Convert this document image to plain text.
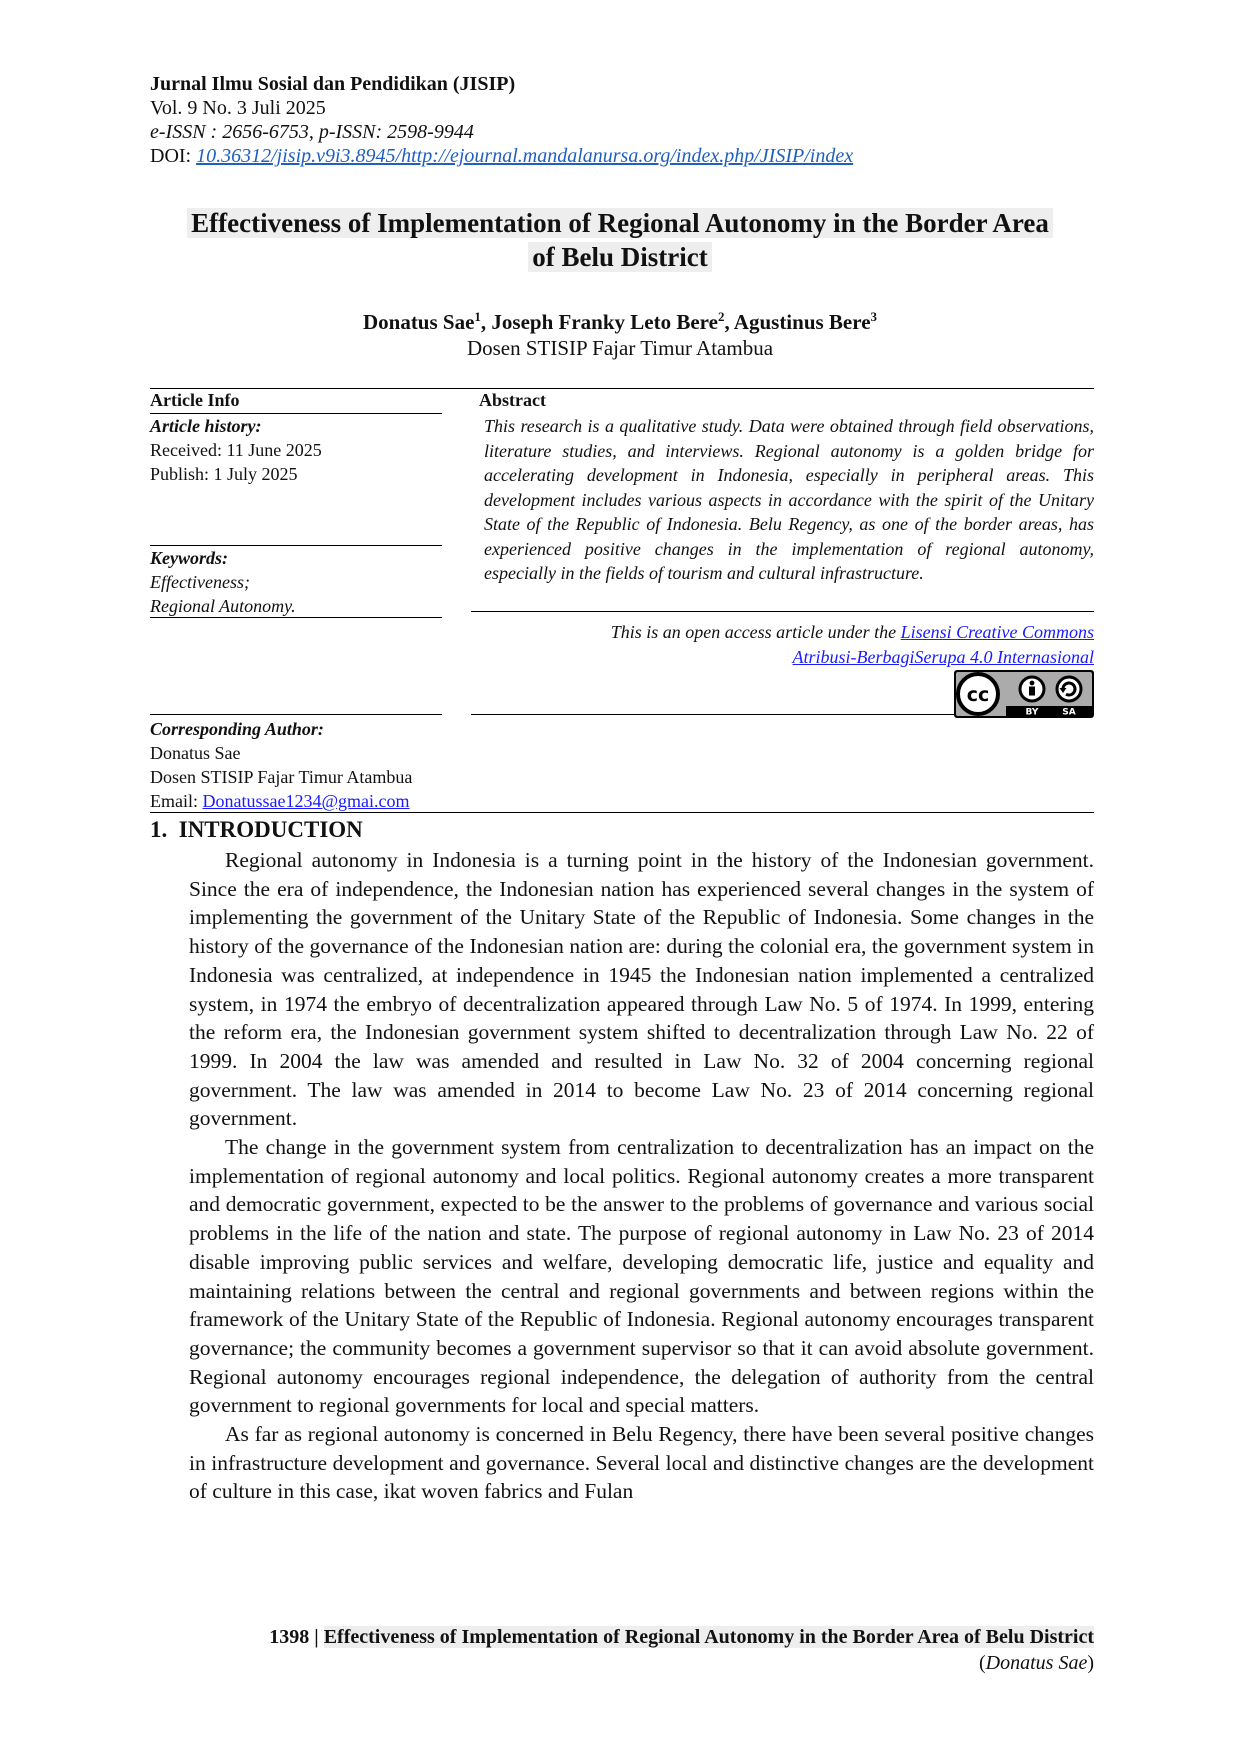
Jurnal Ilmu Sosial dan Pendidikan (JISIP)
Vol. 9 No. 3 Juli 2025
e-ISSN : 2656-6753, p-ISSN: 2598-9944
DOI: 10.36312/jisip.v9i3.8945/http://ejournal.mandalanursa.org/index.php/JISIP/index
Effectiveness of Implementation of Regional Autonomy in the Border Area
of Belu District
Donatus Sae$^1$, Joseph Franky Leto Bere$^2$, Agustinus Bere$^3$
Dosen STISIP Fajar Timur Atambua
Article Info
Article history:
Received: 11 June 2025
Publish: 1 July 2025
Keywords:
Effectiveness;
Regional Autonomy.
Abstract
This research is a qualitative study. Data were obtained through field observations, literature studies, and interviews. Regional autonomy is a golden bridge for accelerating development in Indonesia, especially in peripheral areas. This development includes various aspects in accordance with the spirit of the Unitary State of the Republic of Indonesia. Belu Regency, as one of the border areas, has experienced positive changes in the implementation of regional autonomy, especially in the fields of tourism and cultural infrastructure.
This is an open access article under the Lisensi Creative Commons
Atribusi-BerbagiSerupa 4.0 Internasional
cc
BY	SA
Corresponding Author:
Donatus Sae
Dosen STISIP Fajar Timur Atambua
Email: Donatussae1234@gmai.com
1. INTRODUCTION

Regional autonomy in Indonesia is a turning point in the history of the Indonesian government. Since the era of independence, the Indonesian nation has experienced several changes in the system of implementing the government of the Unitary State of the Republic of Indonesia. Some changes in the history of the governance of the Indonesian nation are: during the colonial era, the government system in Indonesia was centralized, at independence in 1945 the Indonesian nation implemented a centralized system, in 1974 the embryo of decentralization appeared through Law No. 5 of 1974. In 1999, entering the reform era, the Indonesian government system shifted to decentralization through Law No. 22 of 1999. In 2004 the law was amended and resulted in Law No. 32 of 2004 concerning regional government. The law was amended in 2014 to become Law No. 23 of 2014 concerning regional government.

The change in the government system from centralization to decentralization has an impact on the implementation of regional autonomy and local politics. Regional autonomy creates a more transparent and democratic government, expected to be the answer to the problems of governance and various social problems in the life of the nation and state. The purpose of regional autonomy in Law No. 23 of 2014 disable improving public services and welfare, developing democratic life, justice and equality and maintaining relations between the central and regional governments and between regions within the framework of the Unitary State of the Republic of Indonesia. Regional autonomy encourages transparent governance; the community becomes a government supervisor so that it can avoid absolute government. Regional autonomy encourages regional independence, the delegation of authority from the central government to regional governments for local and special matters.

As far as regional autonomy is concerned in Belu Regency, there have been several positive changes in infrastructure development and governance. Several local and distinctive changes are the development of culture in this case, ikat woven fabrics and Fulan

1398 | Effectiveness of Implementation of Regional Autonomy in the Border Area of Belu District (Donatus Sae)
